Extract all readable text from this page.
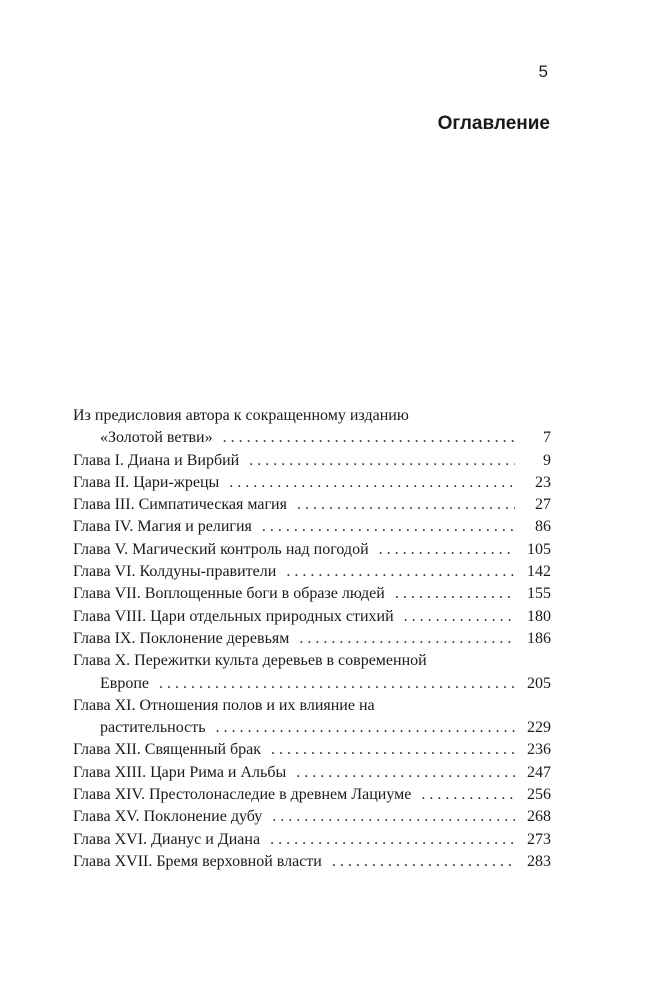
5
Оглавление
Из предисловия автора к сокращенному изданию
«Золотой ветви» . . .	7
Глава I. Диана и Вирбий . . .	9
Глава II. Цари-жрецы . . .	23
Глава III. Симпатическая магия . . .	27
Глава IV. Магия и религия . . .	86
Глава V. Магический контроль над погодой . . .	105
Глава VI. Колдуны-правители . . .	142
Глава VII. Воплощенные боги в образе людей . . .	155
Глава VIII. Цари отдельных природных стихий . . .	180
Глава IX. Поклонение деревьям . . .	186
Глава X. Пережитки культа деревьев в современной
Европе . . .	205
Глава XI. Отношения полов и их влияние на
растительность . . .	229
Глава XII. Священный брак . . .	236
Глава XIII. Цари Рима и Альбы . . .	247
Глава XIV. Престолонаследие в древнем Лациуме . . .	256
Глава XV. Поклонение дубу . . .	268
Глава XVI. Дианус и Диана . . .	273
Глава XVII. Бремя верховной власти . . .	283
